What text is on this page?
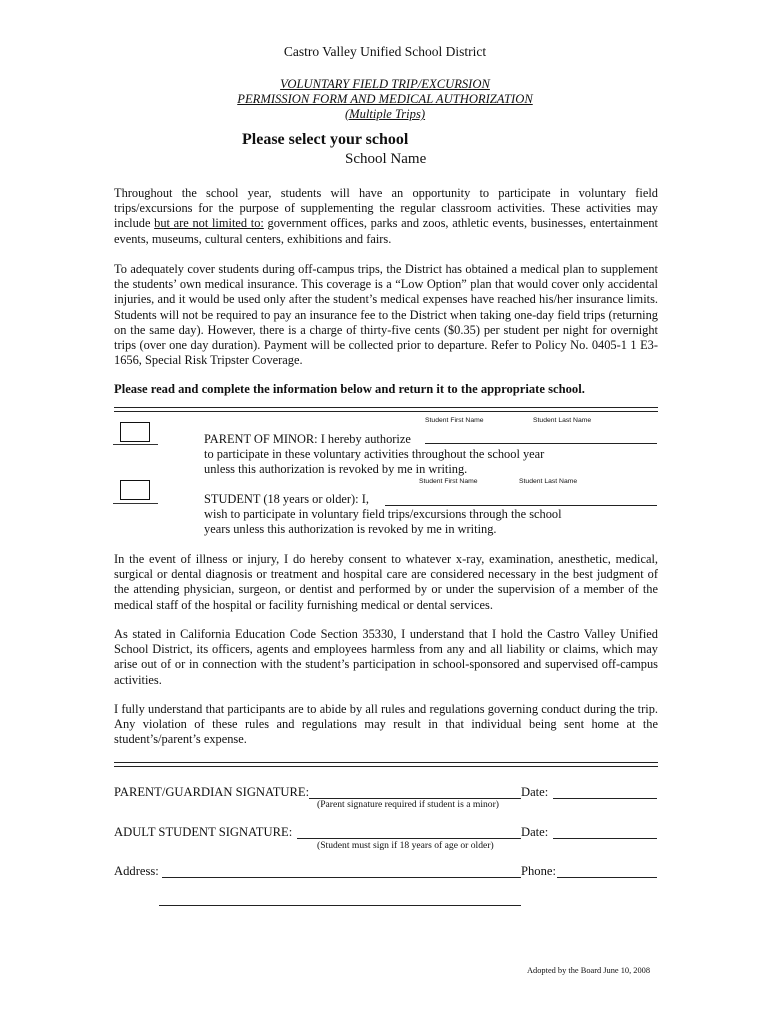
Castro Valley Unified School District
VOLUNTARY FIELD TRIP/EXCURSION
PERMISSION FORM AND MEDICAL AUTHORIZATION
(Multiple Trips)
Please select your school
School Name
Throughout the school year, students will have an opportunity to participate in voluntary field trips/excursions for the purpose of supplementing the regular classroom activities. These activities may include but are not limited to: government offices, parks and zoos, athletic events, businesses, entertainment events, museums, cultural centers, exhibitions and fairs.
To adequately cover students during off-campus trips, the District has obtained a medical plan to supplement the students’ own medical insurance. This coverage is a “Low Option” plan that would cover only accidental injuries, and it would be used only after the student’s medical expenses have reached his/her insurance limits. Students will not be required to pay an insurance fee to the District when taking one-day field trips (returning on the same day). However, there is a charge of thirty-five cents ($0.35) per student per night for overnight trips (over one day duration). Payment will be collected prior to departure. Refer to Policy No. 0405-1 1 E3-1656, Special Risk Tripster Coverage.
Please read and complete the information below and return it to the appropriate school.
Student First Name	Student Last Name
PARENT OF MINOR: I hereby authorize
to participate in these voluntary activities throughout the school year
unless this authorization is revoked by me in writing.
Student First Name	Student Last Name
STUDENT (18 years or older): I,
wish to participate in voluntary field trips/excursions through the school
years unless this authorization is revoked by me in writing.
In the event of illness or injury, I do hereby consent to whatever x-ray, examination, anesthetic, medical, surgical or dental diagnosis or treatment and hospital care are considered necessary in the best judgment of the attending physician, surgeon, or dentist and performed by or under the supervision of a member of the medical staff of the hospital or facility furnishing medical or dental services.
As stated in California Education Code Section 35330, I understand that I hold the Castro Valley Unified School District, its officers, agents and employees harmless from any and all liability or claims, which may arise out of or in connection with the student’s participation in school-sponsored and supervised off-campus activities.
I fully understand that participants are to abide by all rules and regulations governing conduct during the trip. Any violation of these rules and regulations may result in that individual being sent home at the student’s/parent’s expense.
PARENT/GUARDIAN SIGNATURE:	Date:
(Parent signature required if student is a minor)
ADULT STUDENT SIGNATURE:	Date:
(Student must sign if 18 years of age or older)
Address:	Phone:
Adopted by the Board June 10, 2008
